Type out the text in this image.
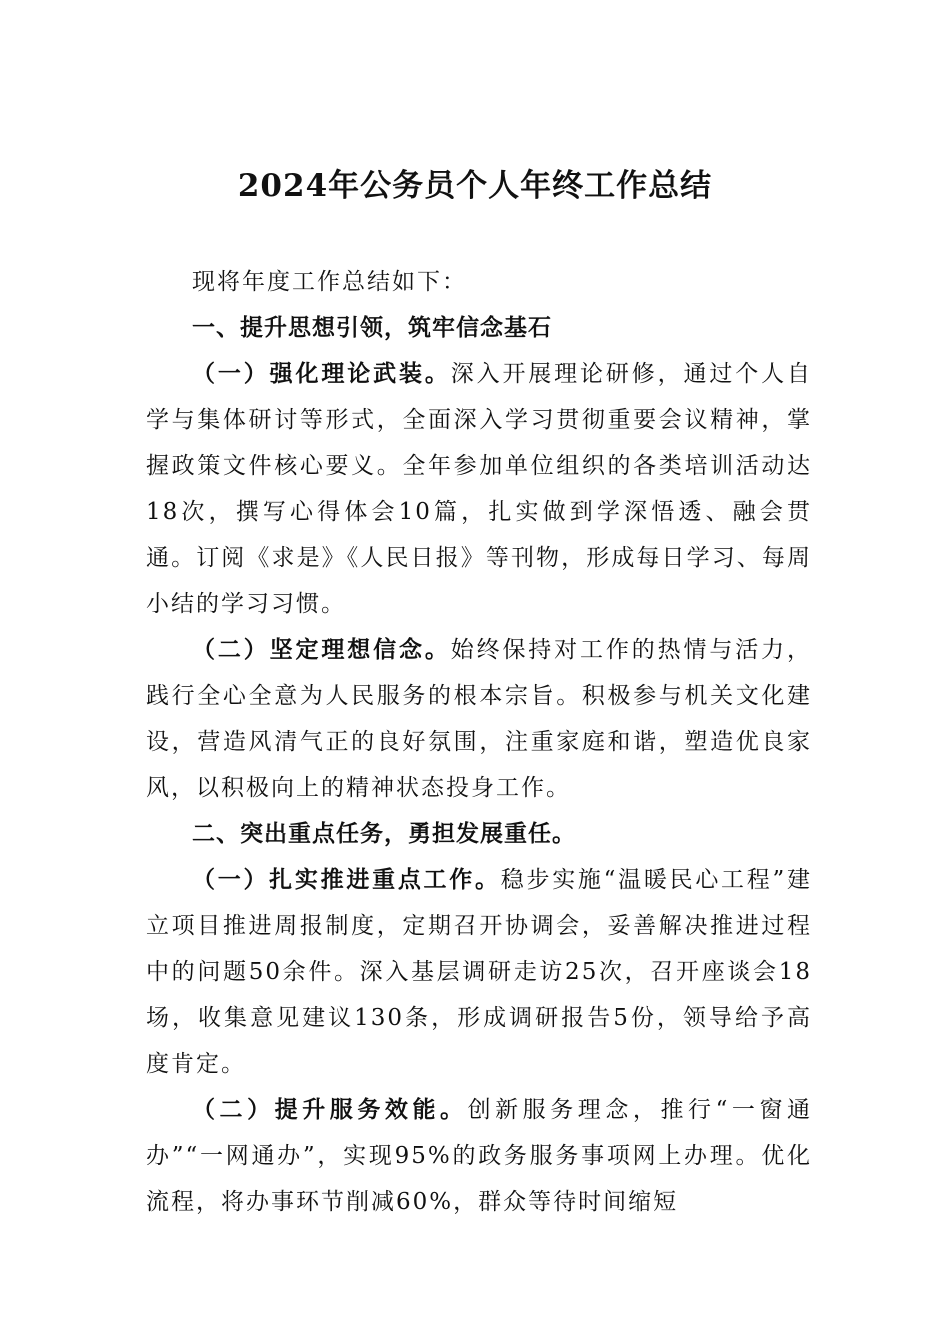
2024年公务员个人年终工作总结

现将年度工作总结如下：

一、提升思想引领，筑牢信念基石

（一）强化理论武装。深入开展理论研修，通过个人自学与集体研讨等形式，全面深入学习贯彻重要会议精神，掌握政策文件核心要义。全年参加单位组织的各类培训活动达18次，撰写心得体会10篇，扎实做到学深悟透、融会贯通。订阅《求是》《人民日报》等刊物，形成每日学习、每周小结的学习习惯。

（二）坚定理想信念。始终保持对工作的热情与活力，践行全心全意为人民服务的根本宗旨。积极参与机关文化建设，营造风清气正的良好氛围，注重家庭和谐，塑造优良家风，以积极向上的精神状态投身工作。

二、突出重点任务，勇担发展重任。

（一）扎实推进重点工作。稳步实施“温暖民心工程”建立项目推进周报制度，定期召开协调会，妥善解决推进过程中的问题50余件。深入基层调研走访25次，召开座谈会18场，收集意见建议130条，形成调研报告5份，领导给予高度肯定。

（二）提升服务效能。创新服务理念，推行“一窗通办”“一网通办”，实现95%的政务服务事项网上办理。优化流程，将办事环节削减60%，群众等待时间缩短
